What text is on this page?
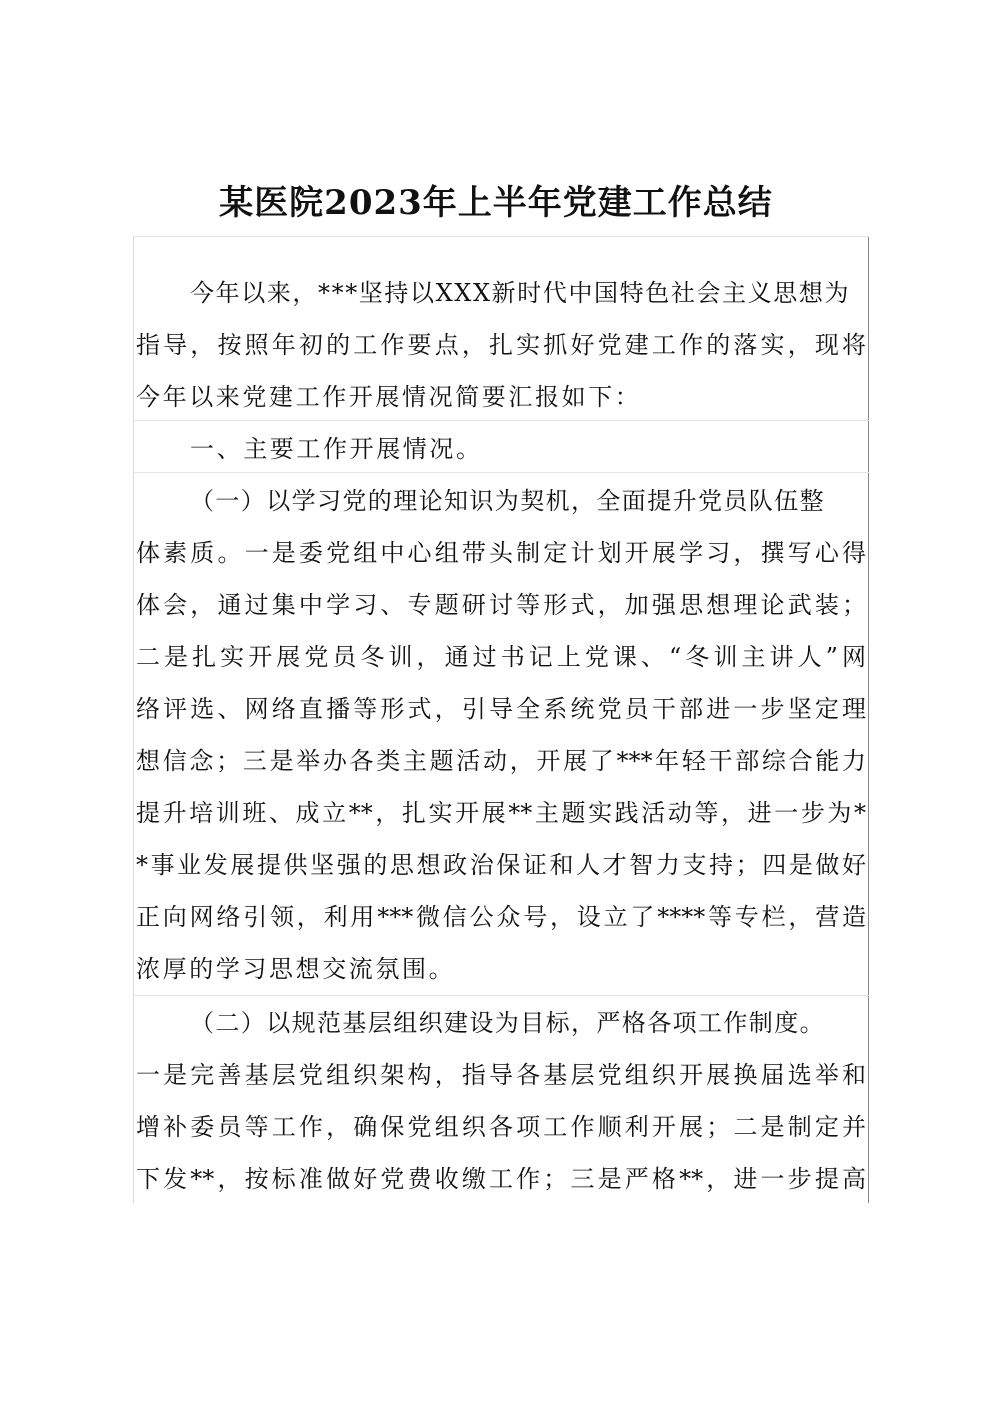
某医院2023年上半年党建工作总结
今年以来，***坚持以XXX新时代中国特色社会主义思想为
指导，按照年初的工作要点，扎实抓好党建工作的落实，现将
今年以来党建工作开展情况简要汇报如下：
一、主要工作开展情况。
（一）以学习党的理论知识为契机，全面提升党员队伍整
体素质。一是委党组中心组带头制定计划开展学习，撰写心得
体会，通过集中学习、专题研讨等形式，加强思想理论武装；
二是扎实开展党员冬训，通过书记上党课、“冬训主讲人”网
络评选、网络直播等形式，引导全系统党员干部进一步坚定理
想信念；三是举办各类主题活动，开展了***年轻干部综合能力
提升培训班、成立**，扎实开展**主题实践活动等，进一步为*
*事业发展提供坚强的思想政治保证和人才智力支持；四是做好
正向网络引领，利用***微信公众号，设立了****等专栏，营造
浓厚的学习思想交流氛围。
（二）以规范基层组织建设为目标，严格各项工作制度。
一是完善基层党组织架构，指导各基层党组织开展换届选举和
增补委员等工作，确保党组织各项工作顺利开展；二是制定并
下发**，按标准做好党费收缴工作；三是严格**，进一步提高
